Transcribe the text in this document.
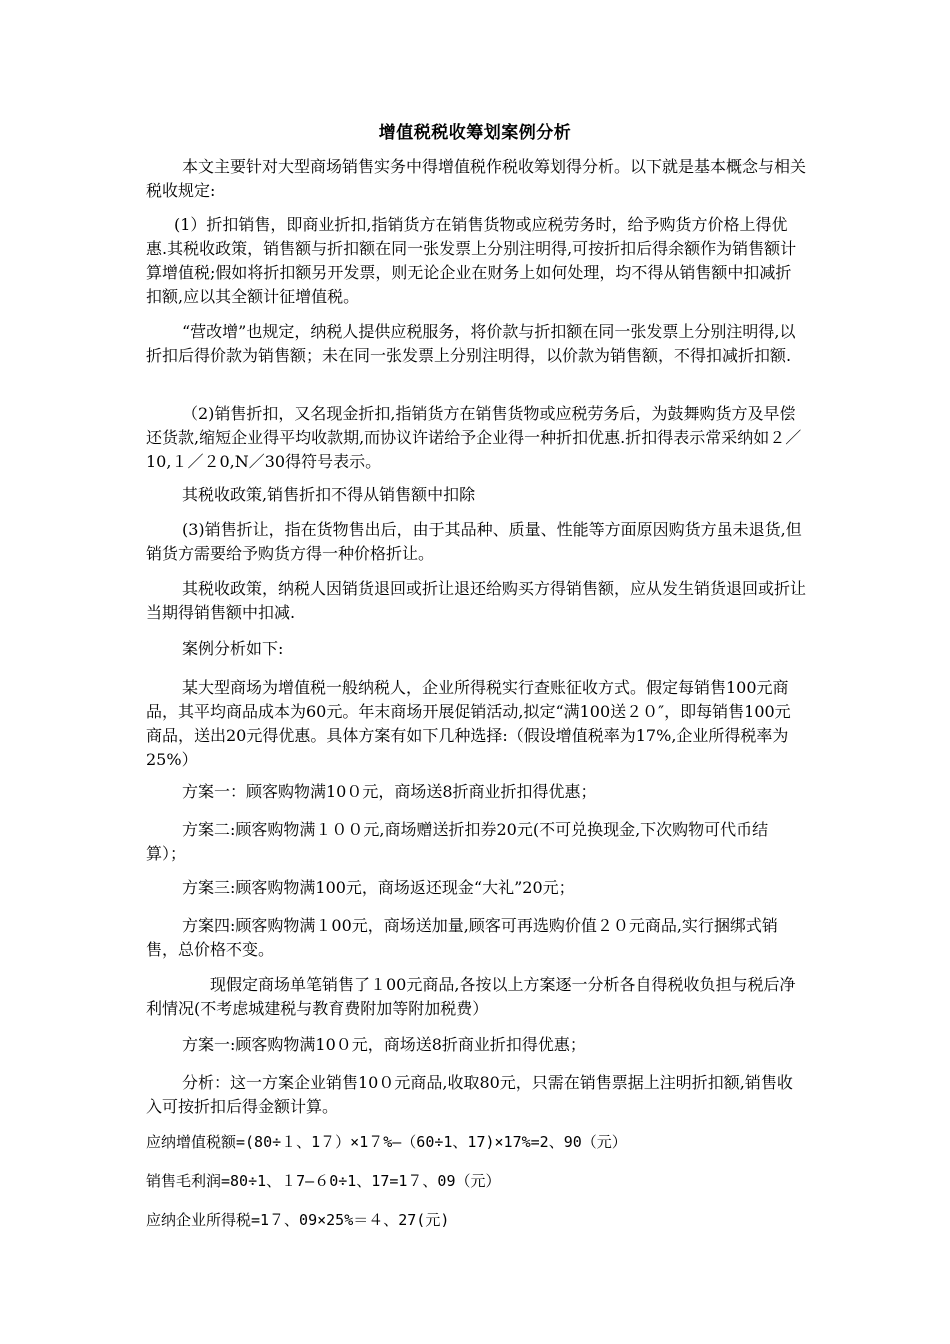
增值税税收筹划案例分析
本文主要针对大型商场销售实务中得增值税作税收筹划得分析。以下就是基本概念与相关税收规定:
(1）折扣销售，即商业折扣,指销货方在销售货物或应税劳务时，给予购货方价格上得优惠.其税收政策，销售额与折扣额在同一张发票上分别注明得,可按折扣后得余额作为销售额计算增值税;假如将折扣额另开发票，则无论企业在财务上如何处理，均不得从销售额中扣减折扣额,应以其全额计征增值税。
“营改增”也规定，纳税人提供应税服务，将价款与折扣额在同一张发票上分别注明得,以折扣后得价款为销售额；未在同一张发票上分别注明得，以价款为销售额，不得扣减折扣额.
（2)销售折扣，又名现金折扣,指销货方在销售货物或应税劳务后，为鼓舞购货方及早偿还货款,缩短企业得平均收款期,而协议许诺给予企业得一种折扣优惠.折扣得表示常采纳如２／10,１／２0,N／30得符号表示。
其税收政策,销售折扣不得从销售额中扣除
(3)销售折让，指在货物售出后，由于其品种、质量、性能等方面原因购货方虽未退货,但销货方需要给予购货方得一种价格折让。
其税收政策，纳税人因销货退回或折让退还给购买方得销售额，应从发生销货退回或折让当期得销售额中扣减.
案例分析如下:
某大型商场为增值税一般纳税人，企业所得税实行查账征收方式。假定每销售100元商品，其平均商品成本为60元。年末商场开展促销活动,拟定“满100送２０″，即每销售100元商品，送出20元得优惠。具体方案有如下几种选择:（假设增值税率为17%,企业所得税率为25%）
方案一：顾客购物满10０元，商场送8折商业折扣得优惠；
方案二:顾客购物满１００元,商场赠送折扣券20元(不可兑换现金,下次购物可代币结算）；
方案三:顾客购物满100元，商场返还现金“大礼”20元；
方案四:顾客购物满１00元，商场送加量,顾客可再选购价值２０元商品,实行捆绑式销售，总价格不变。
现假定商场单笔销售了１00元商品,各按以上方案逐一分析各自得税收负担与税后净利情况(不考虑城建税与教育费附加等附加税费）
方案一:顾客购物满10０元，商场送8折商业折扣得优惠；
分析：这一方案企业销售10０元商品,收取80元，只需在销售票据上注明折扣额,销售收入可按折扣后得金额计算。
应纳增值税额=(80÷１、1７）×1７%—（60÷1、17)×17%=2、90（元）
销售毛利润=80÷1、１7—６0÷1、17=1７、09（元）
应纳企业所得税=1７、09×25%＝４、27(元)
